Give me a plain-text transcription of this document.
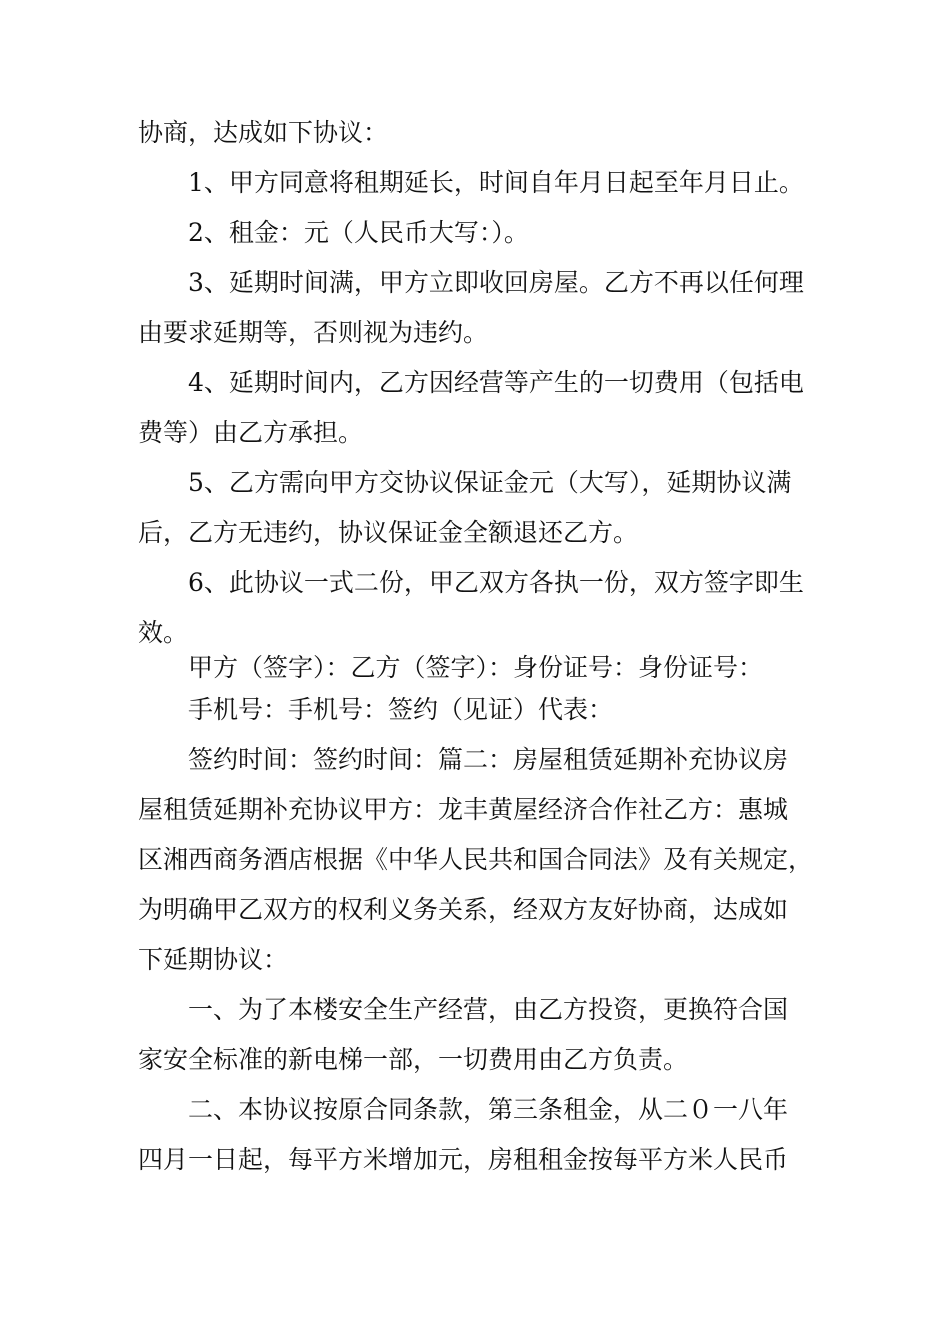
协商，达成如下协议：
1、甲方同意将租期延长，时间自年月日起至年月日止。
2、租金：元（人民币大写：）。
3、延期时间满，甲方立即收回房屋。乙方不再以任何理
由要求延期等，否则视为违约。
4、延期时间内，乙方因经营等产生的一切费用（包括电
费等）由乙方承担。
5、乙方需向甲方交协议保证金元（大写），延期协议满
后，乙方无违约，协议保证金全额退还乙方。
6、此协议一式二份，甲乙双方各执一份，双方签字即生
效。
甲方（签字）：乙方（签字）：身份证号：身份证号：
手机号：手机号：签约（见证）代表：
签约时间：签约时间：篇二：房屋租赁延期补充协议房
屋租赁延期补充协议甲方：龙丰黄屋经济合作社乙方：惠城
区湘西商务酒店根据《中华人民共和国合同法》及有关规定，
为明确甲乙双方的权利义务关系，经双方友好协商，达成如
下延期协议：
一、为了本楼安全生产经营，由乙方投资，更换符合国
家安全标准的新电梯一部，一切费用由乙方负责。
二、本协议按原合同条款，第三条租金，从二０一八年
四月一日起，每平方米增加元，房租租金按每平方米人民币
